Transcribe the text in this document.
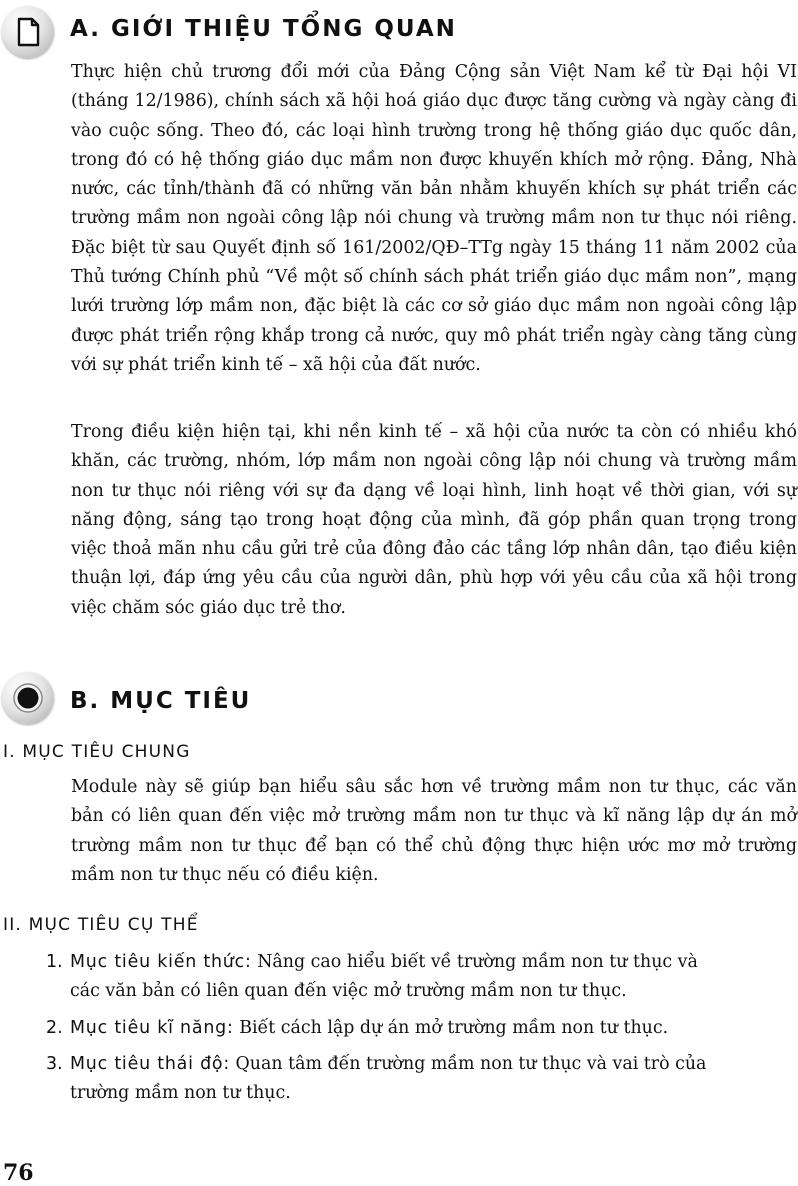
A. GIỚI THIỆU TỔNG QUAN

Thực hiện chủ trương đổi mới của Đảng Cộng sản Việt Nam kể từ Đại hội VI (tháng 12/1986), chính sách xã hội hoá giáo dục được tăng cường và ngày càng đi vào cuộc sống. Theo đó, các loại hình trường trong hệ thống giáo dục quốc dân, trong đó có hệ thống giáo dục mầm non được khuyến khích mở rộng. Đảng, Nhà nước, các tỉnh/thành đã có những văn bản nhằm khuyến khích sự phát triển các trường mầm non ngoài công lập nói chung và trường mầm non tư thục nói riêng. Đặc biệt từ sau Quyết định số 161/2002/QĐ–TTg ngày 15 tháng 11 năm 2002 của Thủ tướng Chính phủ “Về một số chính sách phát triển giáo dục mầm non”, mạng lưới trường lớp mầm non, đặc biệt là các cơ sở giáo dục mầm non ngoài công lập được phát triển rộng khắp trong cả nước, quy mô phát triển ngày càng tăng cùng với sự phát triển kinh tế – xã hội của đất nước.

Trong điều kiện hiện tại, khi nền kinh tế – xã hội của nước ta còn có nhiều khó khăn, các trường, nhóm, lớp mầm non ngoài công lập nói chung và trường mầm non tư thục nói riêng với sự đa dạng về loại hình, linh hoạt về thời gian, với sự năng động, sáng tạo trong hoạt động của mình, đã góp phần quan trọng trong việc thoả mãn nhu cầu gửi trẻ của đông đảo các tầng lớp nhân dân, tạo điều kiện thuận lợi, đáp ứng yêu cầu của người dân, phù hợp với yêu cầu của xã hội trong việc chăm sóc giáo dục trẻ thơ.

B. MỤC TIÊU
I. MỤC TIÊU CHUNG

Module này sẽ giúp bạn hiểu sâu sắc hơn về trường mầm non tư thục, các văn bản có liên quan đến việc mở trường mầm non tư thục và kĩ năng lập dự án mở trường mầm non tư thục để bạn có thể chủ động thực hiện ước mơ mở trường mầm non tư thục nếu có điều kiện.

II. MỤC TIÊU CỤ THỂ

1. Mục tiêu kiến thức: Nâng cao hiểu biết về trường mầm non tư thục và
các văn bản có liên quan đến việc mở trường mầm non tư thục.

2. Mục tiêu kĩ năng: Biết cách lập dự án mở trường mầm non tư thục.

3. Mục tiêu thái độ: Quan tâm đến trường mầm non tư thục và vai trò của
trường mầm non tư thục.

76
